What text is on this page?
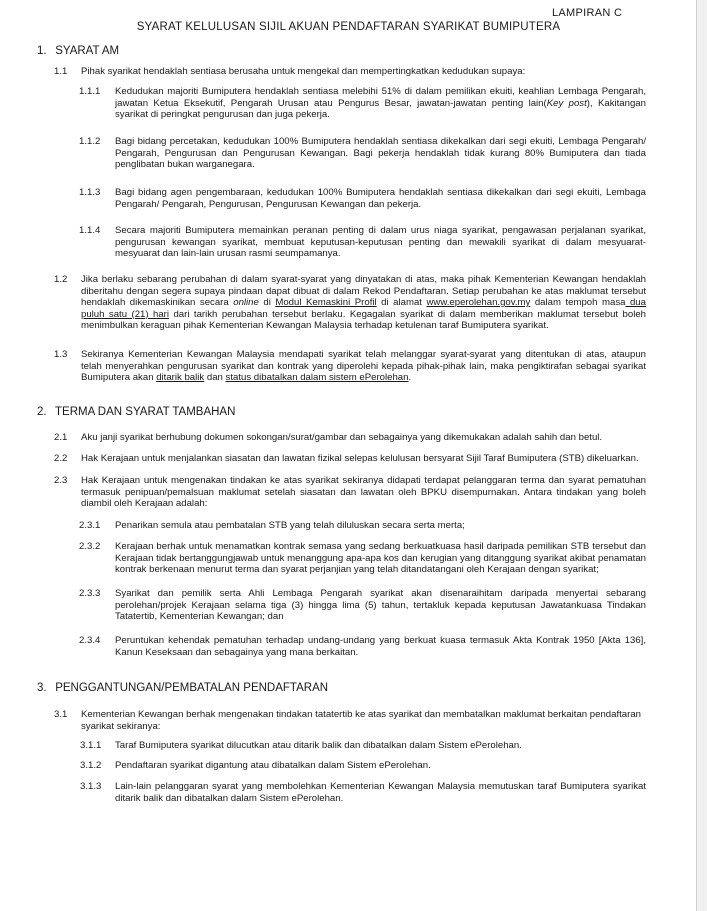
LAMPIRAN C
SYARAT KELULUSAN SIJIL AKUAN PENDAFTARAN SYARIKAT BUMIPUTERA
1. SYARAT AM
1.1	Pihak syarikat hendaklah sentiasa berusaha untuk mengekal dan mempertingkatkan kedudukan supaya:
1.1.1	Kedudukan majoriti Bumiputera hendaklah sentiasa melebihi 51% di dalam pemilikan ekuiti, keahlian Lembaga Pengarah, jawatan Ketua Eksekutif, Pengarah Urusan atau Pengurus Besar, jawatan-jawatan penting lain(Key post), Kakitangan syarikat di peringkat pengurusan dan juga pekerja.
1.1.2	Bagi bidang percetakan, kedudukan 100% Bumiputera hendaklah sentiasa dikekalkan dari segi ekuiti, Lembaga Pengarah/ Pengarah, Pengurusan dan Pengurusan Kewangan. Bagi pekerja hendaklah tidak kurang 80% Bumiputera dan tiada penglibatan bukan warganegara.
1.1.3	Bagi bidang agen pengembaraan, kedudukan 100% Bumiputera hendaklah sentiasa dikekalkan dari segi ekuiti, Lembaga Pengarah/ Pengarah, Pengurusan, Pengurusan Kewangan dan pekerja.
1.1.4	Secara majoriti Bumiputera memainkan peranan penting di dalam urus niaga syarikat, pengawasan perjalanan syarikat, pengurusan kewangan syarikat, membuat keputusan-keputusan penting dan mewakili syarikat di dalam mesyuarat-mesyuarat dan lain-lain urusan rasmi seumpamanya.
1.2	Jika berlaku sebarang perubahan di dalam syarat-syarat yang dinyatakan di atas, maka pihak Kementerian Kewangan hendaklah diberitahu dengan segera supaya pindaan dapat dibuat di dalam Rekod Pendaftaran. Setiap perubahan ke atas maklumat tersebut hendaklah dikemaskinikan secara online di Modul Kemaskini Profil di alamat www.eperolehan.gov.my dalam tempoh masa dua puluh satu (21) hari dari tarikh perubahan tersebut berlaku. Kegagalan syarikat di dalam memberikan maklumat tersebut boleh menimbulkan keraguan pihak Kementerian Kewangan Malaysia terhadap ketulenan taraf Bumiputera syarikat.
1.3	Sekiranya Kementerian Kewangan Malaysia mendapati syarikat telah melanggar syarat-syarat yang ditentukan di atas, ataupun telah menyerahkan pengurusan syarikat dan kontrak yang diperolehi kepada pihak-pihak lain, maka pengiktirafan sebagai syarikat Bumiputera akan ditarik balik dan status dibatalkan dalam sistem ePerolehan.
2. TERMA DAN SYARAT TAMBAHAN
2.1	Aku janji syarikat berhubung dokumen sokongan/surat/gambar dan sebagainya yang dikemukakan adalah sahih dan betul.
2.2	Hak Kerajaan untuk menjalankan siasatan dan lawatan fizikal selepas kelulusan bersyarat Sijil Taraf Bumiputera (STB) dikeluarkan.
2.3	Hak Kerajaan untuk mengenakan tindakan ke atas syarikat sekiranya didapati terdapat pelanggaran terma dan syarat pematuhan termasuk penipuan/pemalsuan maklumat setelah siasatan dan lawatan oleh BPKU disempurnakan. Antara tindakan yang boleh diambil oleh Kerajaan adalah:
2.3.1	Penarikan semula atau pembatalan STB yang telah diluluskan secara serta merta;
2.3.2	Kerajaan berhak untuk menamatkan kontrak semasa yang sedang berkuatkuasa hasil daripada pemilikan STB tersebut dan Kerajaan tidak bertanggungjawab untuk menanggung apa-apa kos dan kerugian yang ditanggung syarikat akibat penamatan kontrak berkenaan menurut terma dan syarat perjanjian yang telah ditandatangani oleh Kerajaan dengan syarikat;
2.3.3	Syarikat dan pemilik serta Ahli Lembaga Pengarah syarikat akan disenaraihitam daripada menyertai sebarang perolehan/projek Kerajaan selama tiga (3) hingga lima (5) tahun, tertakluk kepada keputusan Jawatankuasa Tindakan Tatatertib, Kementerian Kewangan; dan
2.3.4	Peruntukan kehendak pematuhan terhadap undang-undang yang berkuat kuasa termasuk Akta Kontrak 1950 [Akta 136], Kanun Keseksaan dan sebagainya yang mana berkaitan.
3. PENGGANTUNGAN/PEMBATALAN PENDAFTARAN
3.1	Kementerian Kewangan berhak mengenakan tindakan tatatertib ke atas syarikat dan membatalkan maklumat berkaitan pendaftaran syarikat sekiranya:
3.1.1	Taraf Bumiputera syarikat dilucutkan atau ditarik balik dan dibatalkan dalam Sistem ePerolehan.
3.1.2	Pendaftaran syarikat digantung atau dibatalkan dalam Sistem ePerolehan.
3.1.3	Lain-lain pelanggaran syarat yang membolehkan Kementerian Kewangan Malaysia memutuskan taraf Bumiputera syarikat ditarik balik dan dibatalkan dalam Sistem ePerolehan.
